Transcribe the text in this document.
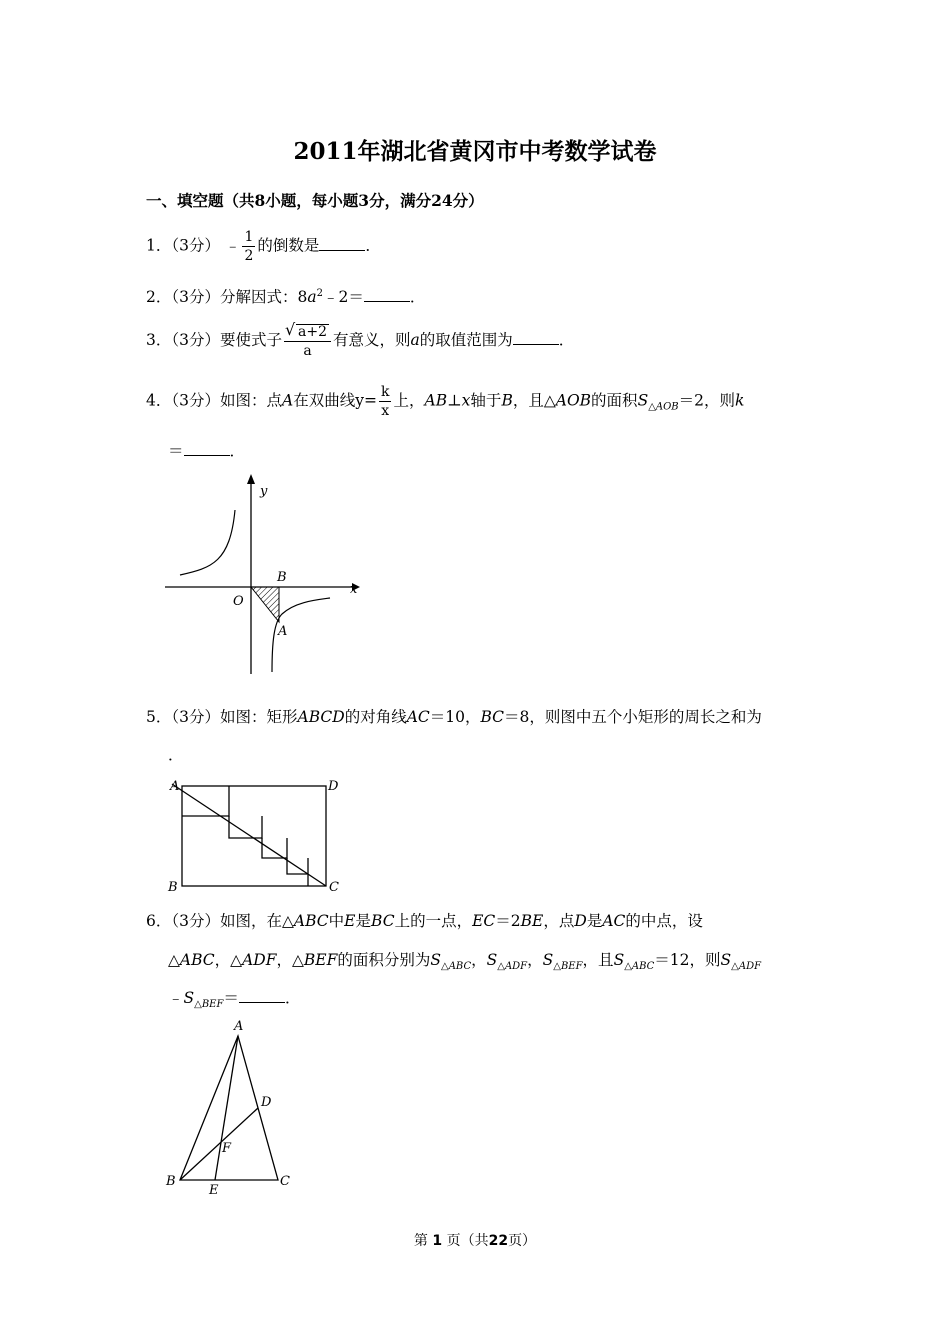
2011年湖北省黄冈市中考数学试卷
一、填空题（共8小题，每小题3分，满分24分）
1．（3分） ﹣ $\frac{1}{2}$ 的倒数是	．
2．（3分）分解因式：$8a^2﹣2=$	．
3．（3分）要使式子
√ $\frac{a+2}{a}$ 有意义，则a的取值范围为	．
4．（3分）如图：点A在双曲线$y= \frac{k}{x}$ 上，AB⊥x轴于B，且△AOB的面积$S_{\triangle AOB}=2$，则k
＝	．
y
x
O
B
A
5．（3分）如图：矩形ABCD的对角线AC＝10，BC＝8，则图中五个小矩形的周长之和为
．
A	D
B	C
6．（3分）如图，在△ABC中E是BC上的一点，EC＝2BE，点D是AC的中点，设
△ABC，△ADF，△BEF的面积分别为$S_{\triangle ABC}$，$S_{\triangle ADF}$，$S_{\triangle BEF}$，且$S_{\triangle ABC}=12$，则$S_{\triangle ADF}$
$﹣S_{\triangle BEF}=$	．
A
D
F
B
E
C
第 1 页（共22页）
